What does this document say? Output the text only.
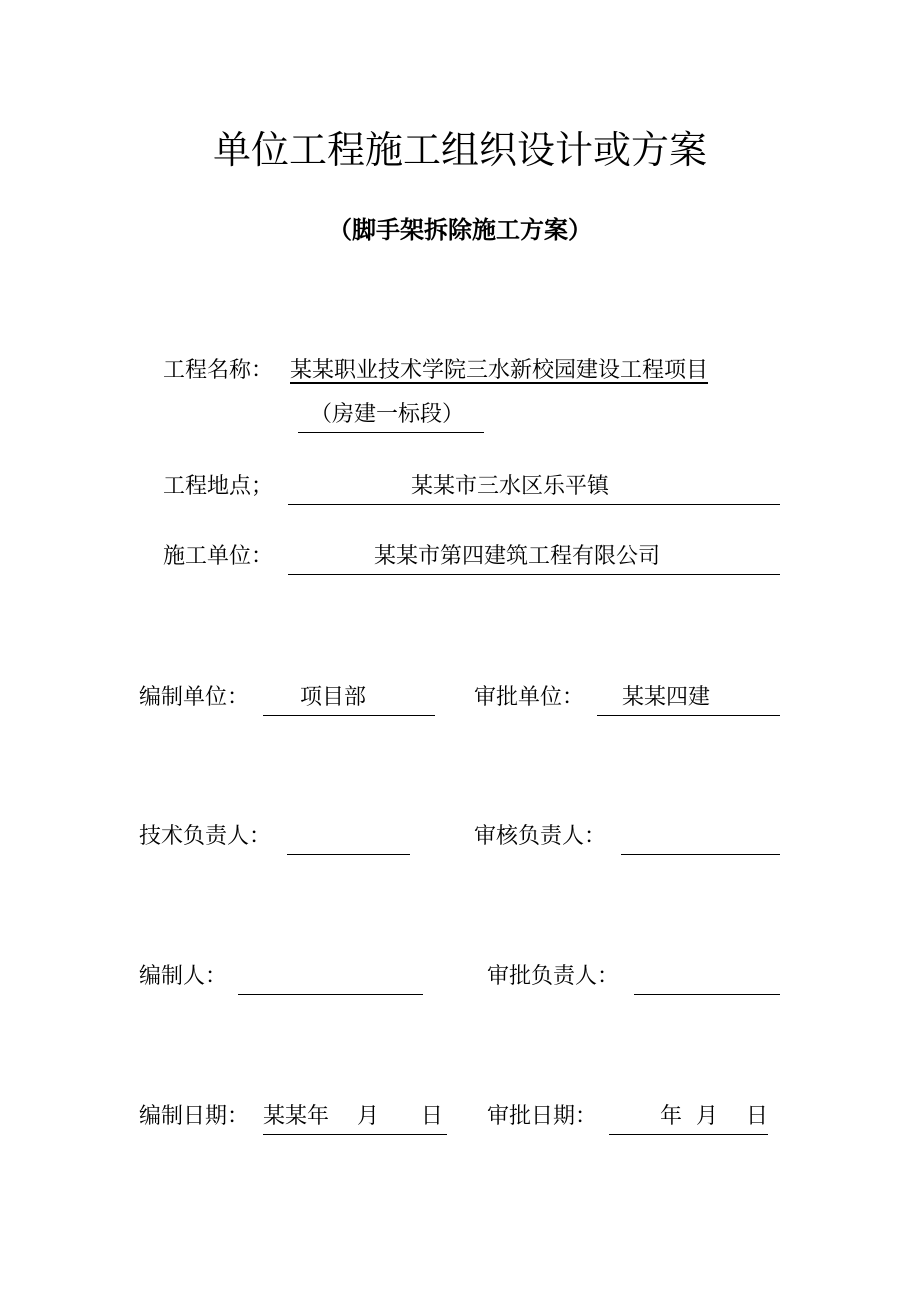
单位工程施工组织设计或方案
（脚手架拆除施工方案）
工程名称： 某某职业技术学院三水新校园建设工程项目
（房建一标段）
工程地点；	某某市三水区乐平镇
施工单位：	某某市第四建筑工程有限公司
编制单位： 项目部	审批单位： 某某四建
技术负责人：	审核负责人：
编制人：	审批负责人：
编制日期： 某某年    月      日 审批日期：	年  月    日
